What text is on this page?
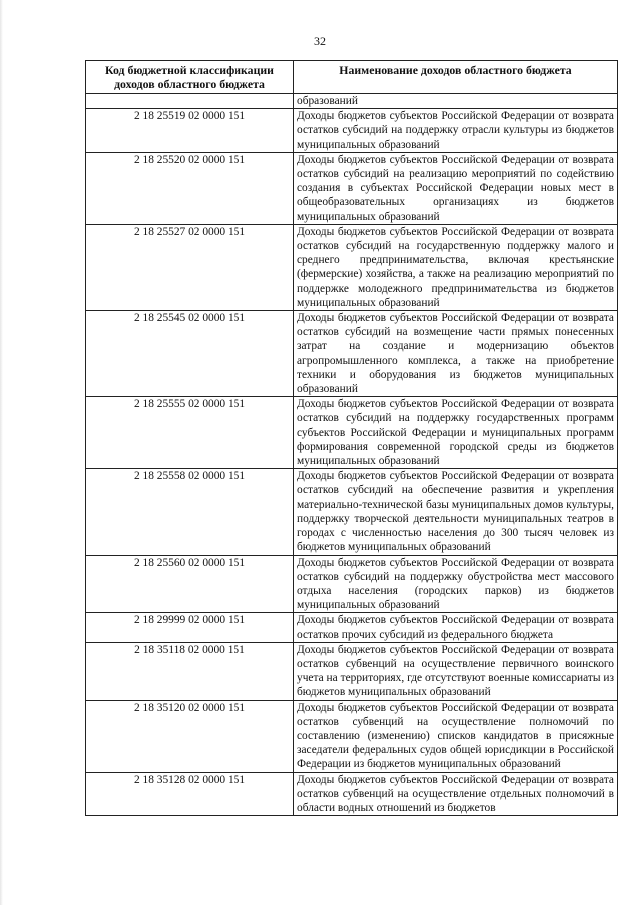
32
Код бюджетной классификации доходов областного бюджета	Наименование доходов областного бюджета
	образований
2 18 25519 02 0000 151	Доходы бюджетов субъектов Российской Федерации от возврата остатков субсидий на поддержку отрасли культуры из бюджетов муниципальных образований
2 18 25520 02 0000 151	Доходы бюджетов субъектов Российской Федерации от возврата остатков субсидий на реализацию мероприятий по содействию создания в субъектах Российской Федерации новых мест в общеобразовательных организациях из бюджетов муниципальных образований
2 18 25527 02 0000 151	Доходы бюджетов субъектов Российской Федерации от возврата остатков субсидий на государственную поддержку малого и среднего предпринимательства, включая крестьянские (фермерские) хозяйства, а также на реализацию мероприятий по поддержке молодежного предпринимательства из бюджетов муниципальных образований
2 18 25545 02 0000 151	Доходы бюджетов субъектов Российской Федерации от возврата остатков субсидий на возмещение части прямых понесенных затрат на создание и модернизацию объектов агропромышленного комплекса, а также на приобретение техники и оборудования из бюджетов муниципальных образований
2 18 25555 02 0000 151	Доходы бюджетов субъектов Российской Федерации от возврата остатков субсидий на поддержку государственных программ субъектов Российской Федерации и муниципальных программ формирования современной городской среды из бюджетов муниципальных образований
2 18 25558 02 0000 151	Доходы бюджетов субъектов Российской Федерации от возврата остатков субсидий на обеспечение развития и укрепления материально-технической базы муниципальных домов культуры, поддержку творческой деятельности муниципальных театров в городах с численностью населения до 300 тысяч человек из бюджетов муниципальных образований
2 18 25560 02 0000 151	Доходы бюджетов субъектов Российской Федерации от возврата остатков субсидий на поддержку обустройства мест массового отдыха населения (городских парков) из бюджетов муниципальных образований
2 18 29999 02 0000 151	Доходы бюджетов субъектов Российской Федерации от возврата остатков прочих субсидий из федерального бюджета
2 18 35118 02 0000 151	Доходы бюджетов субъектов Российской Федерации от возврата остатков субвенций на осуществление первичного воинского учета на территориях, где отсутствуют военные комиссариаты из бюджетов муниципальных образований
2 18 35120 02 0000 151	Доходы бюджетов субъектов Российской Федерации от возврата остатков субвенций на осуществление полномочий по составлению (изменению) списков кандидатов в присяжные заседатели федеральных судов общей юрисдикции в Российской Федерации из бюджетов муниципальных образований
2 18 35128 02 0000 151	Доходы бюджетов субъектов Российской Федерации от возврата остатков субвенций на осуществление отдельных полномочий в области водных отношений из бюджетов
